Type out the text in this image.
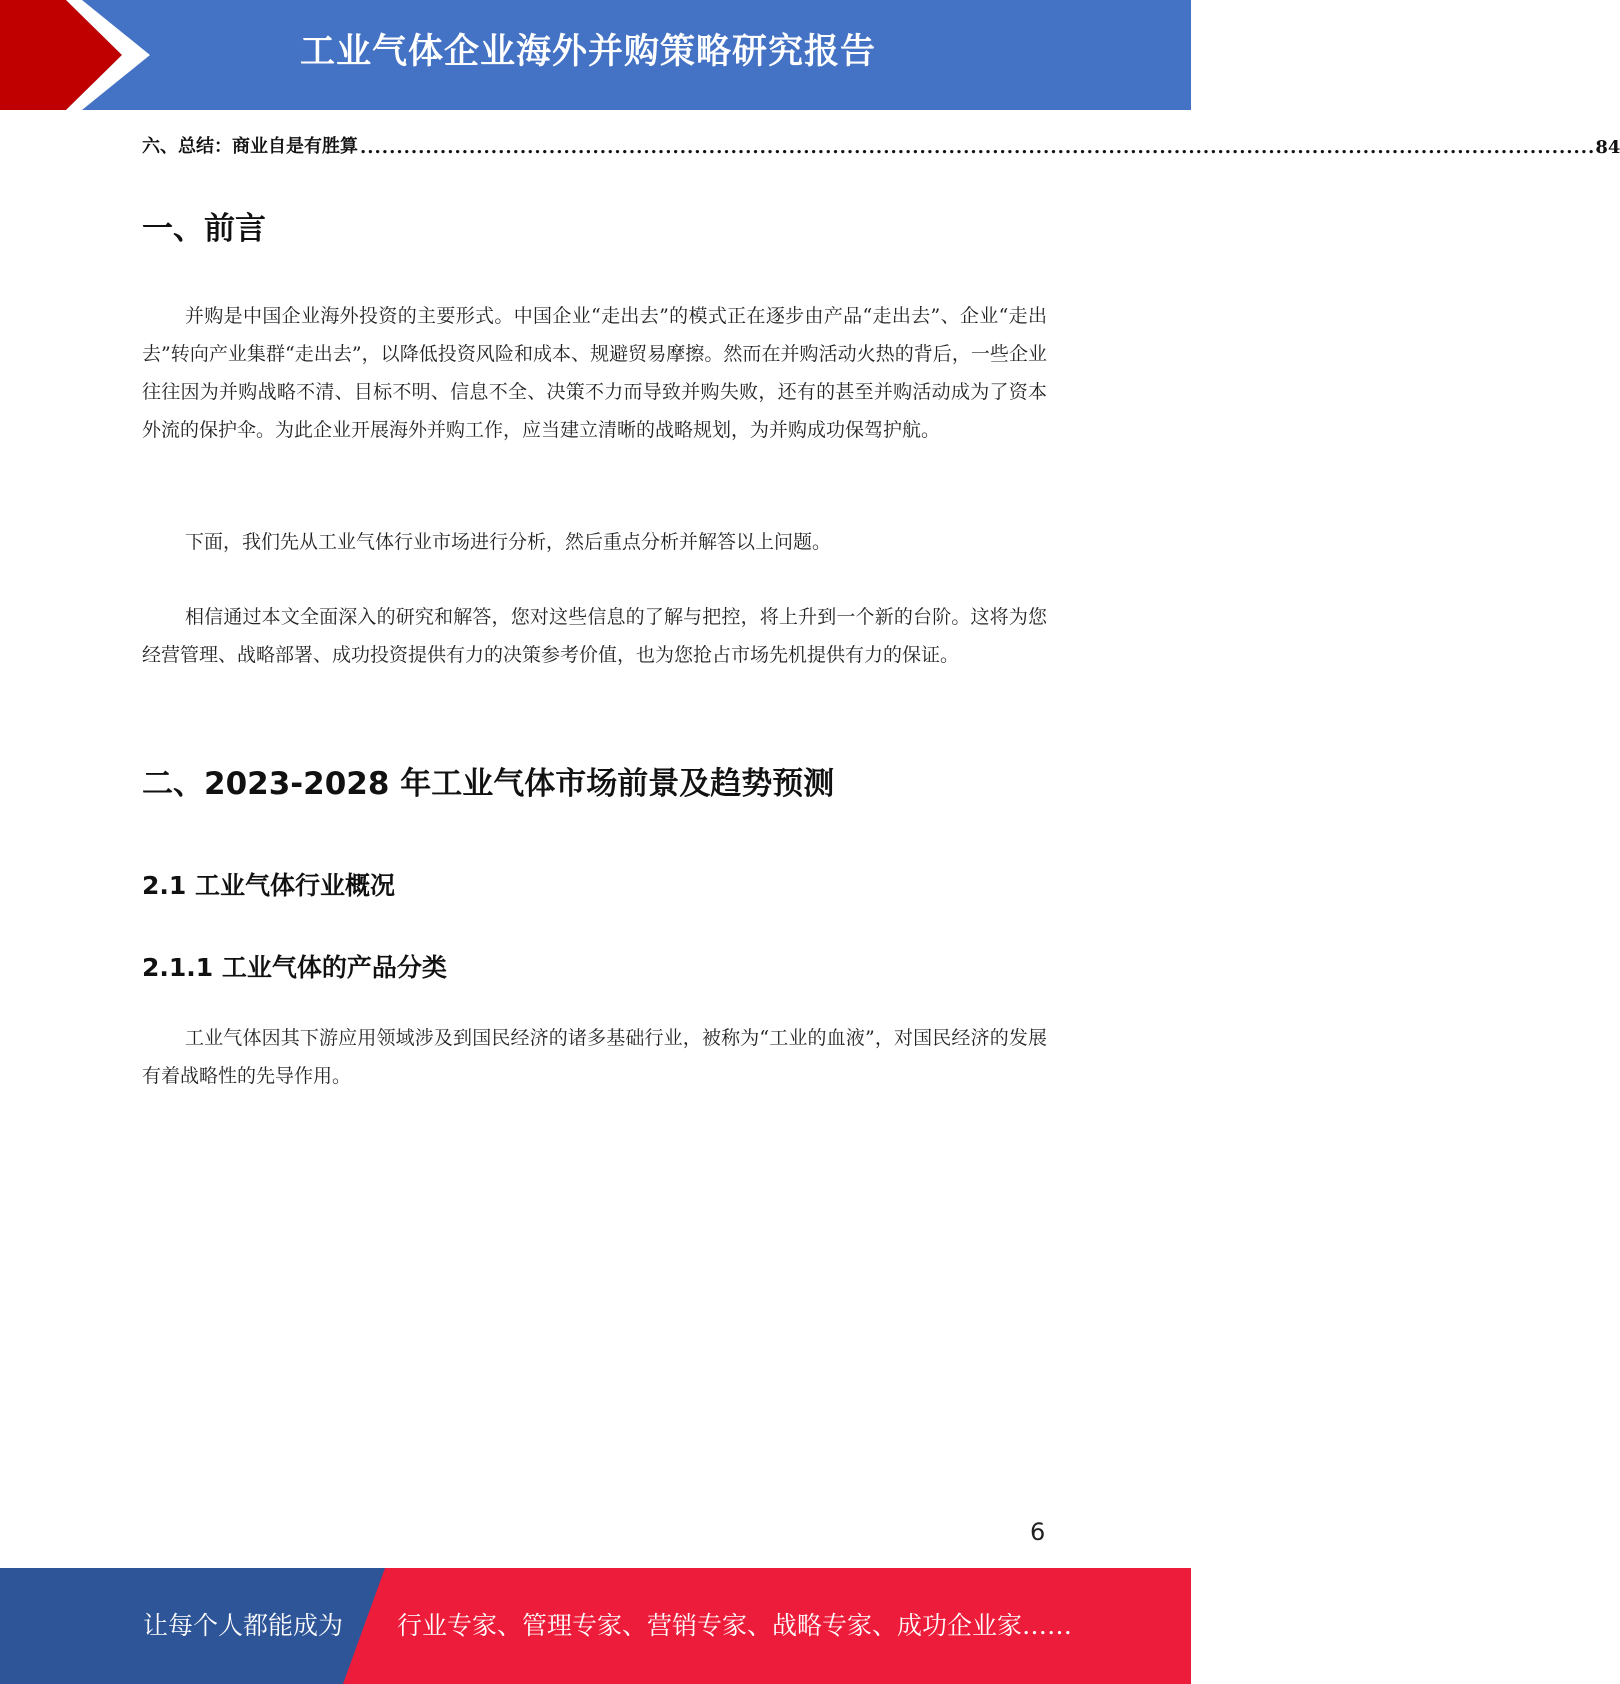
工业气体企业海外并购策略研究报告
六、总结：商业自是有胜算 .......................................................................................................................................................................... 84
一、前言

并购是中国企业海外投资的主要形式。中国企业“走出去”的模式正在逐步由产品“走出去”、企业“走出去”转向产业集群“走出去”，以降低投资风险和成本、规避贸易摩擦。然而在并购活动火热的背后，一些企业往往因为并购战略不清、目标不明、信息不全、决策不力而导致并购失败，还有的甚至并购活动成为了资本外流的保护伞。为此企业开展海外并购工作，应当建立清晰的战略规划，为并购成功保驾护航。

下面，我们先从工业气体行业市场进行分析，然后重点分析并解答以上问题。

相信通过本文全面深入的研究和解答，您对这些信息的了解与把控，将上升到一个新的台阶。这将为您经营管理、战略部署、成功投资提供有力的决策参考价值，也为您抢占市场先机提供有力的保证。

二、2023-2028 年工业气体市场前景及趋势预测
2.1 工业气体行业概况
2.1.1 工业气体的产品分类

工业气体因其下游应用领域涉及到国民经济的诸多基础行业，被称为“工业的血液”，对国民经济的发展有着战略性的先导作用。

6
让每个人都能成为 行业专家、管理专家、营销专家、战略专家、成功企业家……
